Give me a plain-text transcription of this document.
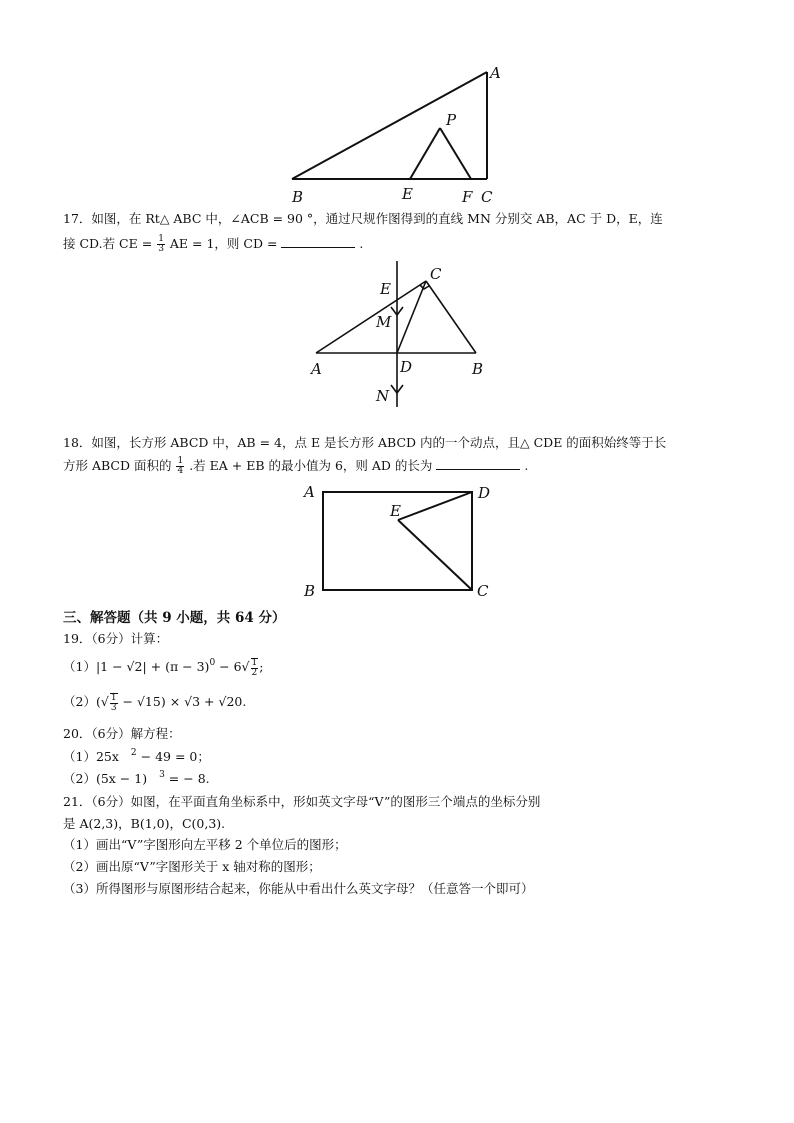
A
P
B	E	F C
17．如图，在 Rt△ ABC 中，∠ACB = 90 °，通过尺规作图得到的直线 MN 分别交 AB，AC 于 D，E，连
接 CD.若 CE = $\frac{1}{3}$ AE = 1，则 CD =	.
C
E
M
A	D	B
N
18．如图，长方形 ABCD 中，AB = 4，点 E 是长方形 ABCD 内的一个动点，且△ CDE 的面积始终等于长
方形 ABCD 面积的 $\frac{1}{4}$ .若 EA + EB 的最小值为 6，则 AD 的长为	.
A	D
E
B	C
三、解答题（共 9 小题，共 64 分）
19．（6分）计算：
$(1)|1 - √2| + (\pi - 3)^0 - 6√ \frac{1}{2}$ ;
$(2)(√ \frac{1}{3} - √15) \times √3 + √20$.
20．（6分）解方程：
（1）25x $^2$ − 49 = 0；
（2）(5x − 1) $^3$ = − 8.
21．（6分）如图，在平面直角坐标系中，形如英文字母“V”的图形三个端点的坐标分别
是 A(2,3)，B(1,0)，C(0,3).
（1）画出“V”字图形向左平移 2 个单位后的图形；
（2）画出原“V”字图形关于 x 轴对称的图形；
（3）所得图形与原图形结合起来，你能从中看出什么英文字母？（任意答一个即可）
